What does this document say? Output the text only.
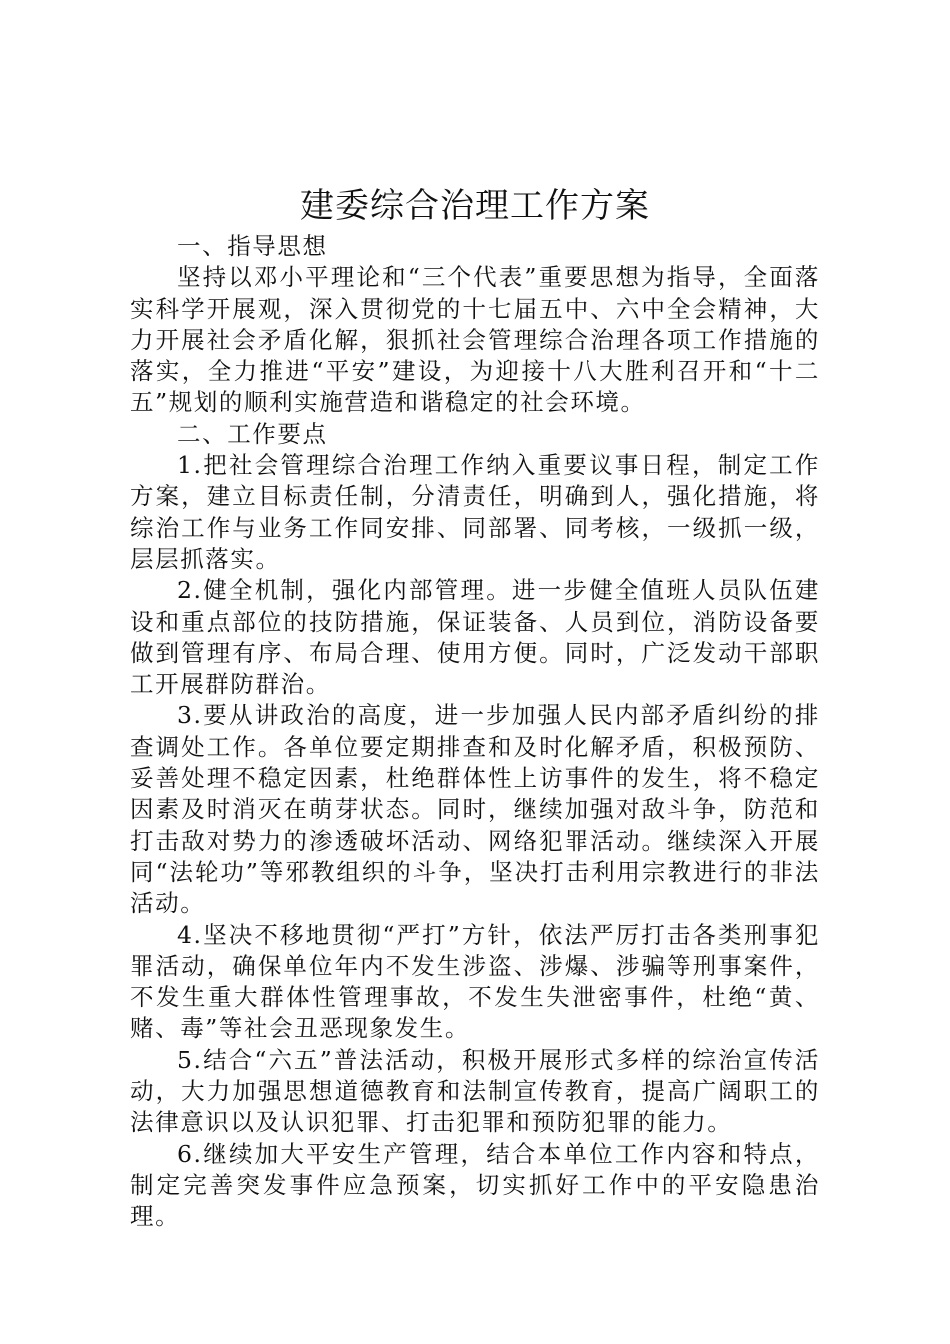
建委综合治理工作方案

一、指导思想

坚持以邓小平理论和“三个代表”重要思想为指导，全面落实科学开展观，深入贯彻党的十七届五中、六中全会精神，大力开展社会矛盾化解，狠抓社会管理综合治理各项工作措施的落实，全力推进“平安”建设，为迎接十八大胜利召开和“十二五”规划的顺利实施营造和谐稳定的社会环境。

二、工作要点

1.把社会管理综合治理工作纳入重要议事日程，制定工作方案，建立目标责任制，分清责任，明确到人，强化措施，将综治工作与业务工作同安排、同部署、同考核，一级抓一级，层层抓落实。

2.健全机制，强化内部管理。进一步健全值班人员队伍建设和重点部位的技防措施，保证装备、人员到位，消防设备要做到管理有序、布局合理、使用方便。同时，广泛发动干部职工开展群防群治。

3.要从讲政治的高度，进一步加强人民内部矛盾纠纷的排查调处工作。各单位要定期排查和及时化解矛盾，积极预防、妥善处理不稳定因素，杜绝群体性上访事件的发生，将不稳定因素及时消灭在萌芽状态。同时，继续加强对敌斗争，防范和打击敌对势力的渗透破坏活动、网络犯罪活动。继续深入开展同“法轮功”等邪教组织的斗争，坚决打击利用宗教进行的非法活动。

4.坚决不移地贯彻“严打”方针，依法严厉打击各类刑事犯罪活动，确保单位年内不发生涉盗、涉爆、涉骗等刑事案件，不发生重大群体性管理事故，不发生失泄密事件，杜绝“黄、赌、毒”等社会丑恶现象发生。

5.结合“六五”普法活动，积极开展形式多样的综治宣传活动，大力加强思想道德教育和法制宣传教育，提高广阔职工的法律意识以及认识犯罪、打击犯罪和预防犯罪的能力。

6.继续加大平安生产管理，结合本单位工作内容和特点，制定完善突发事件应急预案，切实抓好工作中的平安隐患治理。
